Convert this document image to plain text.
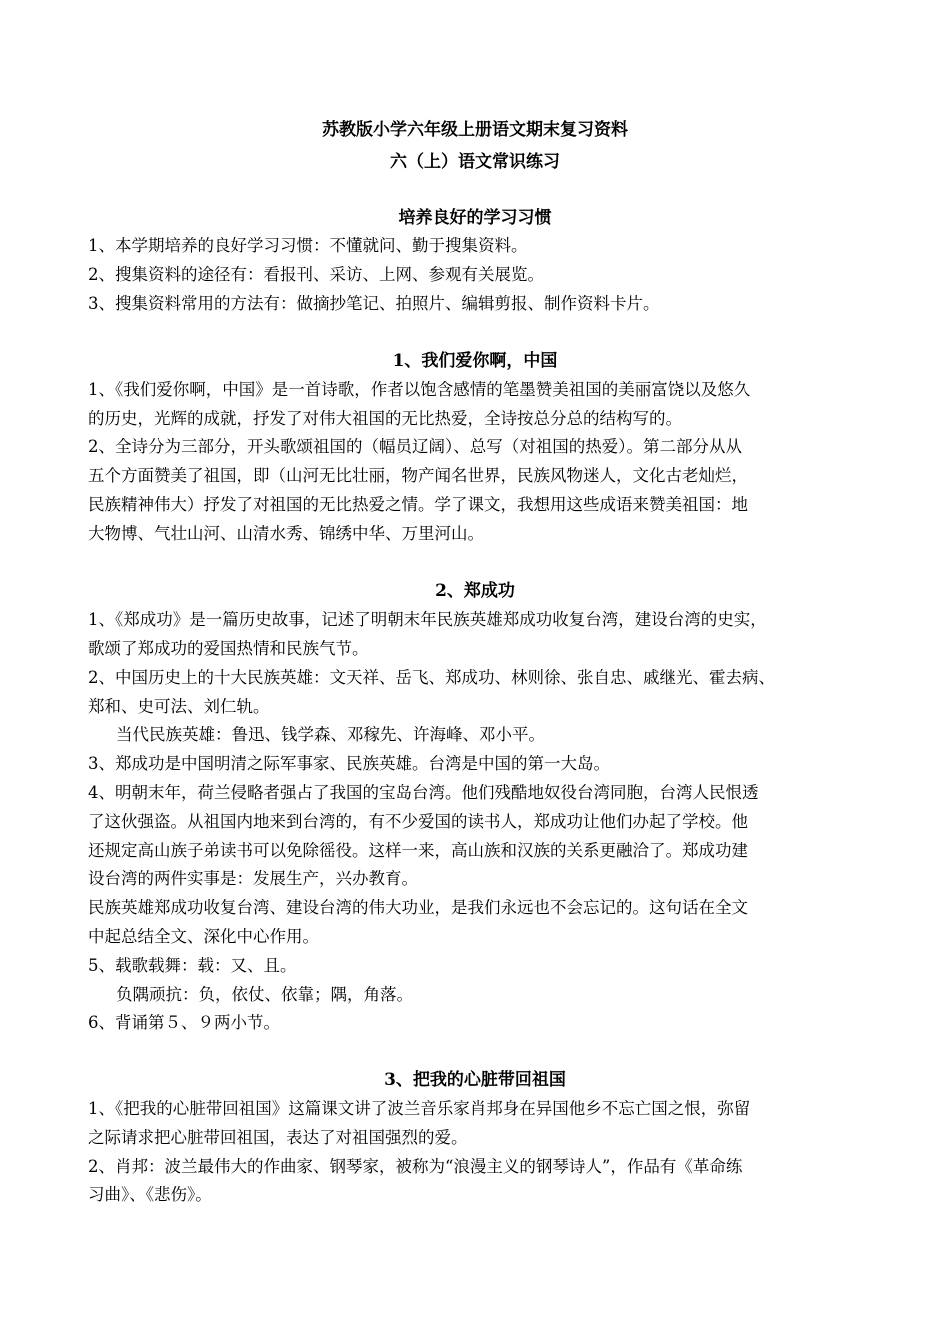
苏教版小学六年级上册语文期末复习资料
六（上）语文常识练习
培养良好的学习习惯
1、本学期培养的良好学习习惯：不懂就问、勤于搜集资料。
2、搜集资料的途径有：看报刊、采访、上网、参观有关展览。
3、搜集资料常用的方法有：做摘抄笔记、拍照片、编辑剪报、制作资料卡片。
1、我们爱你啊，中国
1、《我们爱你啊，中国》是一首诗歌，作者以饱含感情的笔墨赞美祖国的美丽富饶以及悠久
的历史，光辉的成就，抒发了对伟大祖国的无比热爱，全诗按总分总的结构写的。
2、全诗分为三部分，开头歌颂祖国的（幅员辽阔）、总写（对祖国的热爱）。第二部分从从
五个方面赞美了祖国，即（山河无比壮丽，物产闻名世界，民族风物迷人，文化古老灿烂，
民族精神伟大）抒发了对祖国的无比热爱之情。学了课文，我想用这些成语来赞美祖国：地
大物博、气壮山河、山清水秀、锦绣中华、万里河山。
2、郑成功
1、《郑成功》是一篇历史故事，记述了明朝末年民族英雄郑成功收复台湾，建设台湾的史实，
歌颂了郑成功的爱国热情和民族气节。
2、中国历史上的十大民族英雄：文天祥、岳飞、郑成功、林则徐、张自忠、戚继光、霍去病、
郑和、史可法、刘仁轨。
当代民族英雄：鲁迅、钱学森、邓稼先、许海峰、邓小平。
3、郑成功是中国明清之际军事家、民族英雄。台湾是中国的第一大岛。
4、明朝末年，荷兰侵略者强占了我国的宝岛台湾。他们残酷地奴役台湾同胞，台湾人民恨透
了这伙强盗。从祖国内地来到台湾的，有不少爱国的读书人，郑成功让他们办起了学校。他
还规定高山族子弟读书可以免除徭役。这样一来，高山族和汉族的关系更融洽了。郑成功建
设台湾的两件实事是：发展生产，兴办教育。
民族英雄郑成功收复台湾、建设台湾的伟大功业，是我们永远也不会忘记的。这句话在全文
中起总结全文、深化中心作用。
5、载歌载舞：载：又、且。
负隅顽抗：负，依仗、依靠；隅，角落。
6、背诵第５、９两小节。
3、把我的心脏带回祖国
1、《把我的心脏带回祖国》这篇课文讲了波兰音乐家肖邦身在异国他乡不忘亡国之恨，弥留
之际请求把心脏带回祖国，表达了对祖国强烈的爱。
2、肖邦：波兰最伟大的作曲家、钢琴家，被称为“浪漫主义的钢琴诗人”，作品有《革命练
习曲》、《悲伤》。
